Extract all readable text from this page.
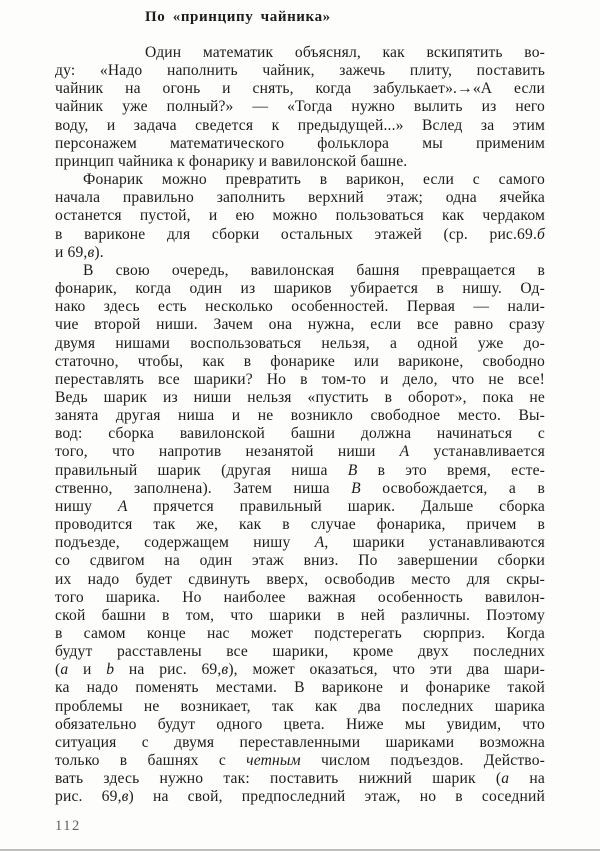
По «принципу чайника»
Один математик объяснял, как вскипятить во-
ду: «Надо наполнить чайник, зажечь плиту, поставить
чайник на огонь и снять, когда забулькает».→«А если
чайник уже полный?» — «Тогда нужно вылить из него
воду, и задача сведется к предыдущей...» Вслед за этим
персонажем математического фольклора мы применим
принцип чайника к фонарику и вавилонской башне.
Фонарик можно превратить в варикон, если с самого
начала правильно заполнить верхний этаж; одна ячейка
останется пустой, и ею можно пользоваться как чердаком
в вариконе для сборки остальных этажей (ср. рис.69.б
и 69,в).
В свою очередь, вавилонская башня превращается в
фонарик, когда один из шариков убирается в нишу. Од-
нако здесь есть несколько особенностей. Первая — нали-
чие второй ниши. Зачем она нужна, если все равно сразу
двумя нишами воспользоваться нельзя, а одной уже до-
статочно, чтобы, как в фонарике или вариконе, свободно
переставлять все шарики? Но в том-то и дело, что не все!
Ведь шарик из ниши нельзя «пустить в оборот», пока не
занята другая ниша и не возникло свободное место. Вы-
вод: сборка вавилонской башни должна начинаться с
того, что напротив незанятой ниши А устанавливается
правильный шарик (другая ниша В в это время, есте-
ственно, заполнена). Затем ниша В освобождается, а в
нишу А прячется правильный шарик. Дальше сборка
проводится так же, как в случае фонарика, причем в
подъезде, содержащем нишу А, шарики устанавливаются
со сдвигом на один этаж вниз. По завершении сборки
их надо будет сдвинуть вверх, освободив место для скры-
того шарика. Но наиболее важная особенность вавилон-
ской башни в том, что шарики в ней различны. Поэтому
в самом конце нас может подстерегать сюрприз. Когда
будут расставлены все шарики, кроме двух последних
(а и b на рис. 69,в), может оказаться, что эти два шари-
ка надо поменять местами. В вариконе и фонарике такой
проблемы не возникает, так как два последних шарика
обязательно будут одного цвета. Ниже мы увидим, что
ситуация с двумя переставленными шариками возможна
только в башнях с четным числом подъездов. Действо-
вать здесь нужно так: поставить нижний шарик (а на
рис. 69,в) на свой, предпоследний этаж, но в соседний
112
